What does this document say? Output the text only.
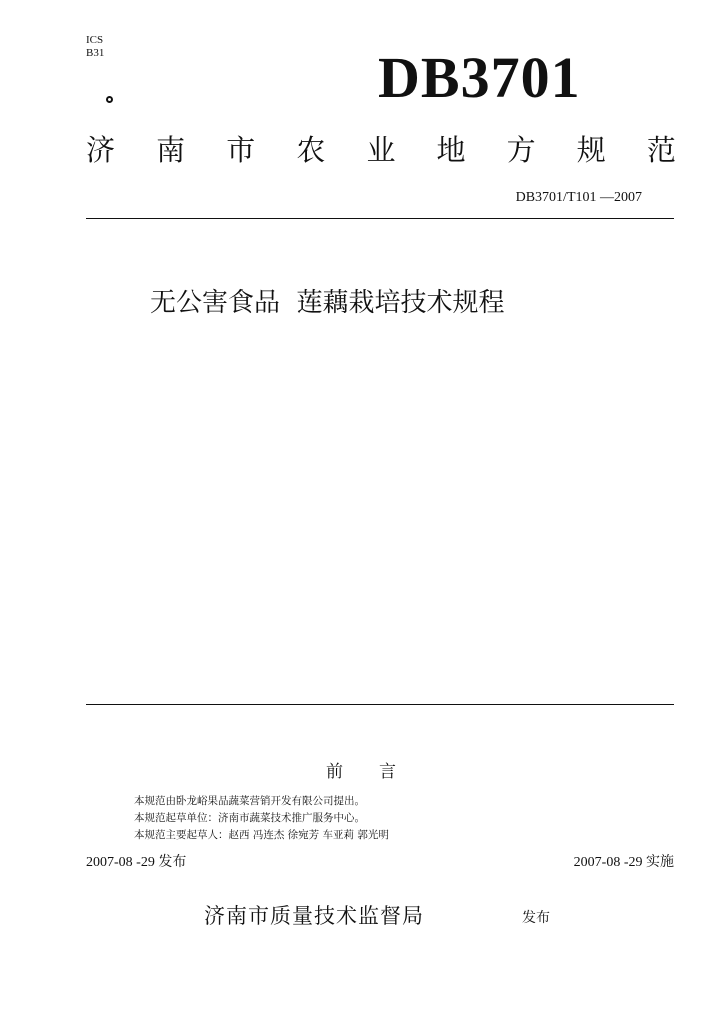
ICS
B31	DB3701
济 南 市 农 业 地 方 规 范
DB3701/T101 —2007
无公害食品  莲藕栽培技术规程
前言
本规范由卧龙峪果品蔬菜营销开发有限公司提出。
本规范起草单位：济南市蔬菜技术推广服务中心。
本规范主要起草人：赵西 冯连杰 徐宛芳 车亚莉 郭光明
2007-08 -29 发布	2007-08 -29 实施
济南市质量技术监督局	发布
